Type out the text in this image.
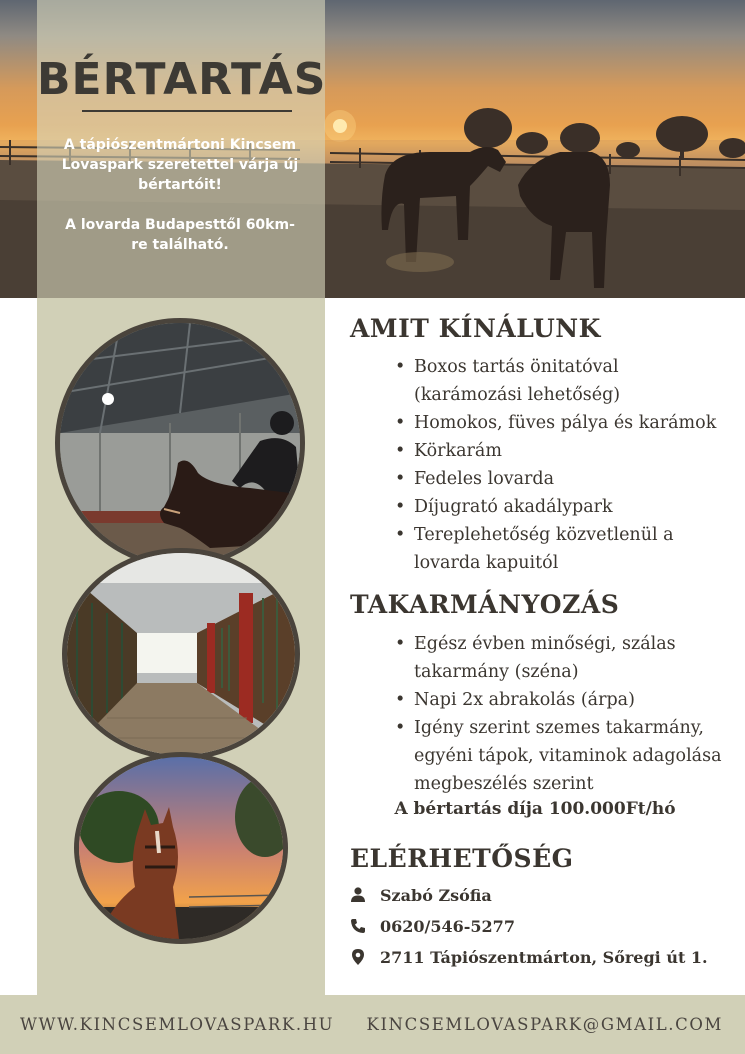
BÉRTARTÁS

A tápiószentmártoni Kincsem Lovaspark szeretettel várja új bértartóit!

A lovarda Budapesttől 60km-re található.

AMIT KÍNÁLUNK
• Boxos tartás önitatóval (karámozási lehetőség)
• Homokos, füves pálya és karámok
• Körkarám
• Fedeles lovarda
• Díjugrató akadálypark
• Tereplehetőség közvetlenül a lovarda kapuitól
TAKARMÁNYOZÁS
• Egész évben minőségi, szálas takarmány (széna)
• Napi 2x abrakolás (árpa)
• Igény szerint szemes takarmány, egyéni tápok, vitaminok adagolása megbeszélés szerint

A bértartás díja 100.000Ft/hó

ELÉRHETŐSÉG
Szabó Zsófia
0620/546-5277
2711 Tápiószentmárton, Sőregi út 1.
WWW.KINCSEMLOVASPARK.HU KINCSEMLOVASPARK@GMAIL.COM
